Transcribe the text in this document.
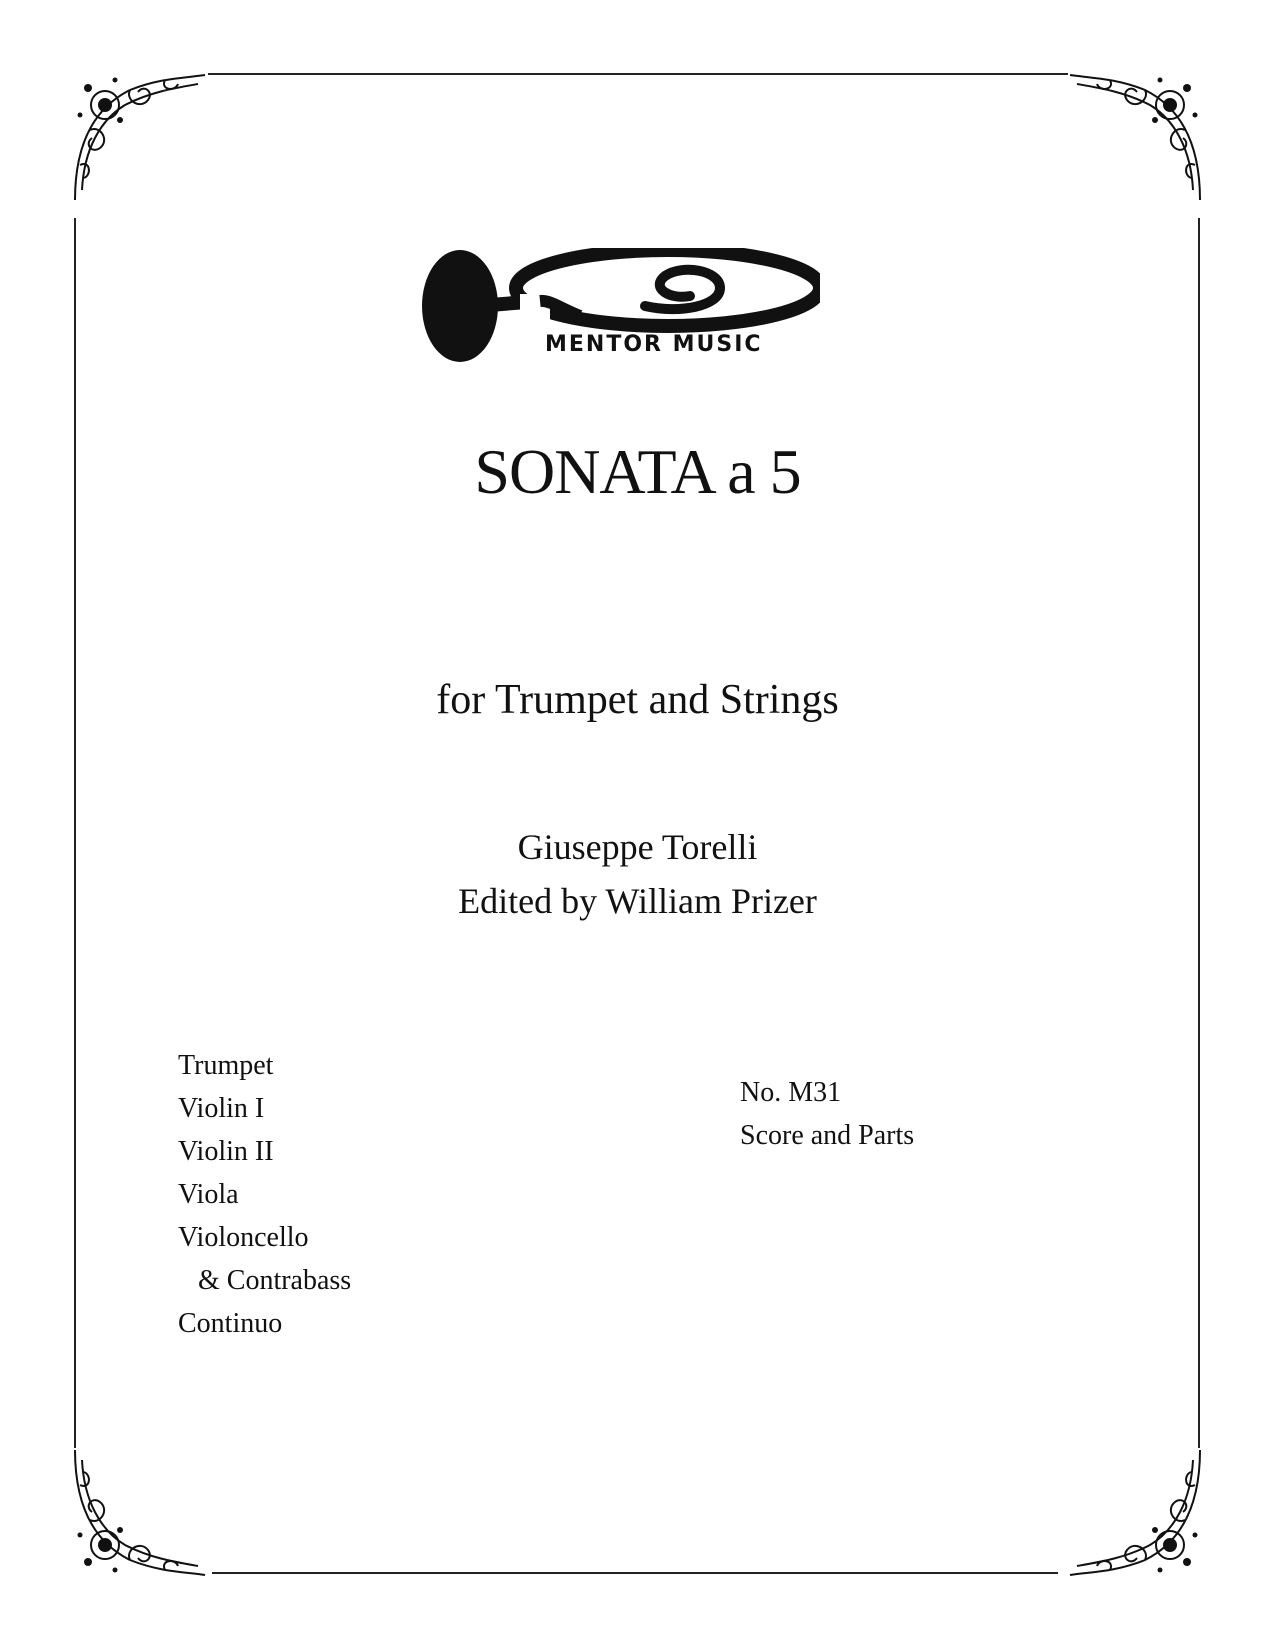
MENTOR MUSIC
SONATA a 5
for Trumpet and Strings
Giuseppe Torelli
Edited by William Prizer
Trumpet
Violin I
Violin II
Viola
Violoncello
& Contrabass
Continuo
No. M31
Score and Parts
